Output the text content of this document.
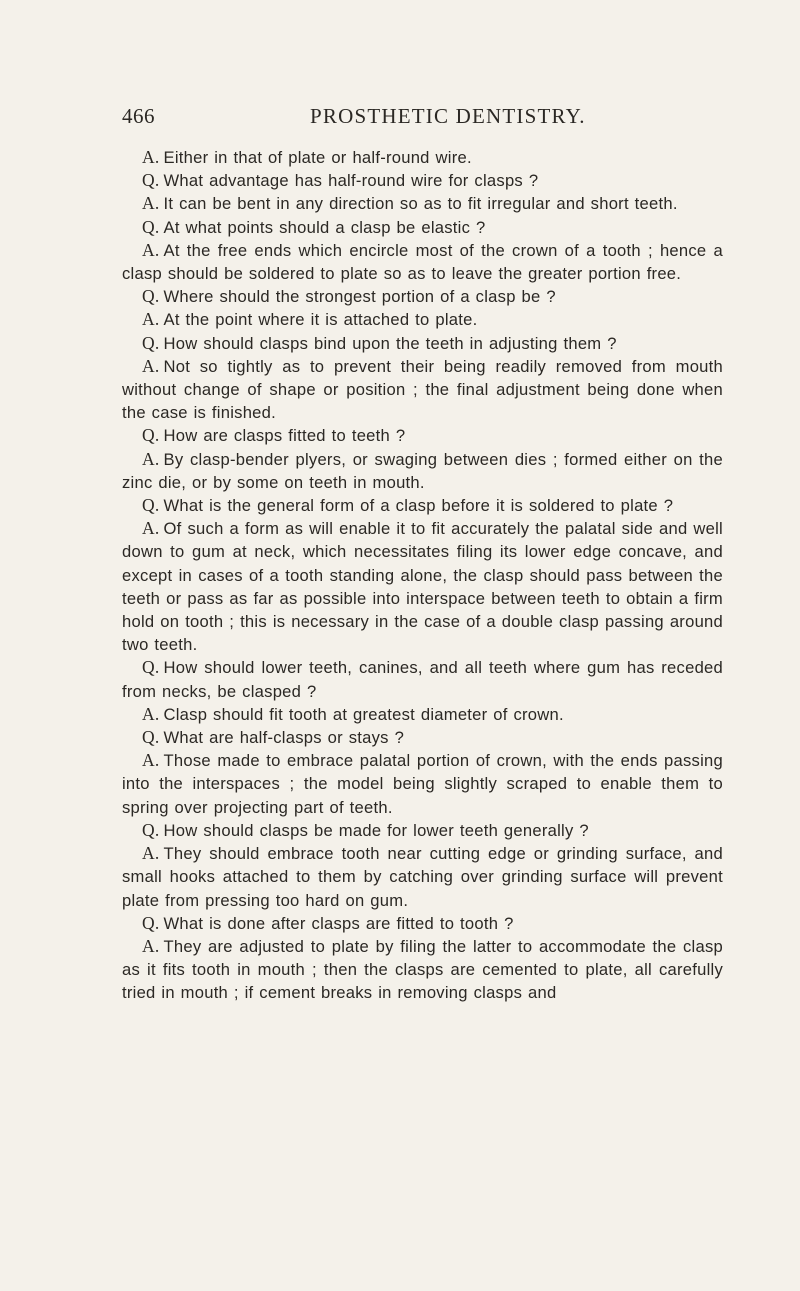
466	PROSTHETIC DENTISTRY.

A. Either in that of plate or half-round wire.

Q. What advantage has half-round wire for clasps ?

A. It can be bent in any direction so as to fit irregular and short teeth.

Q. At what points should a clasp be elastic ?

A. At the free ends which encircle most of the crown of a tooth ; hence a clasp should be soldered to plate so as to leave the greater portion free.

Q. Where should the strongest portion of a clasp be ?

A. At the point where it is attached to plate.

Q. How should clasps bind upon the teeth in adjusting them ?

A. Not so tightly as to prevent their being readily removed from mouth without change of shape or position ; the final adjustment being done when the case is finished.

Q. How are clasps fitted to teeth ?

A. By clasp-bender plyers, or swaging between dies ; formed either on the zinc die, or by some on teeth in mouth.

Q. What is the general form of a clasp before it is soldered to plate ?

A. Of such a form as will enable it to fit accurately the palatal side and well down to gum at neck, which necessitates filing its lower edge concave, and except in cases of a tooth standing alone, the clasp should pass between the teeth or pass as far as possible into interspace between teeth to obtain a firm hold on tooth ; this is necessary in the case of a double clasp passing around two teeth.

Q. How should lower teeth, canines, and all teeth where gum has receded from necks, be clasped ?

A. Clasp should fit tooth at greatest diameter of crown.

Q. What are half-clasps or stays ?

A. Those made to embrace palatal portion of crown, with the ends passing into the interspaces ; the model being slightly scraped to enable them to spring over projecting part of teeth.

Q. How should clasps be made for lower teeth generally ?

A. They should embrace tooth near cutting edge or grinding surface, and small hooks attached to them by catching over grinding surface will prevent plate from pressing too hard on gum.

Q. What is done after clasps are fitted to tooth ?

A. They are adjusted to plate by filing the latter to accommodate the clasp as it fits tooth in mouth ; then the clasps are cemented to plate, all carefully tried in mouth ; if cement breaks in removing clasps and
